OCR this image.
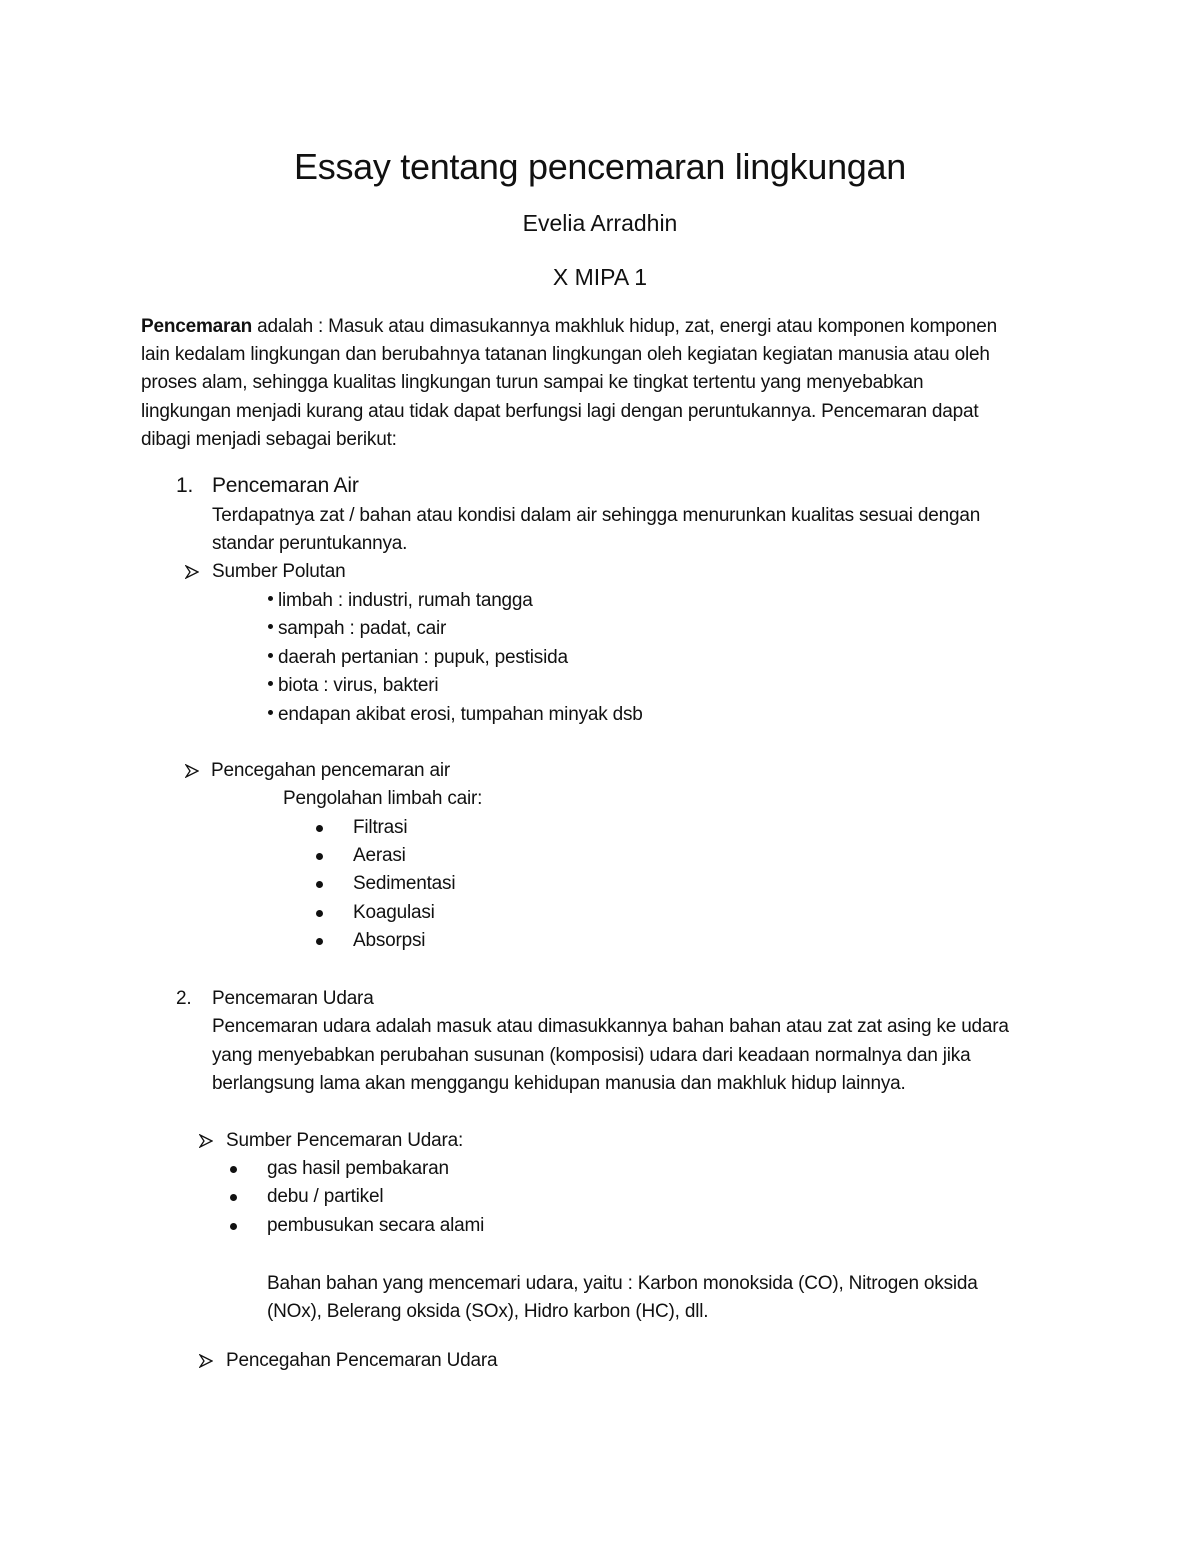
Essay tentang pencemaran lingkungan
Evelia Arradhin
X MIPA 1
Pencemaran adalah : Masuk atau dimasukannya makhluk hidup, zat, energi atau komponen komponen
lain kedalam lingkungan dan berubahnya tatanan lingkungan oleh kegiatan kegiatan manusia atau oleh
proses alam, sehingga kualitas lingkungan turun sampai ke tingkat tertentu yang menyebabkan
lingkungan menjadi kurang atau tidak dapat berfungsi lagi dengan peruntukannya. Pencemaran dapat
dibagi menjadi sebagai berikut:
1. Pencemaran Air
Terdapatnya zat / bahan atau kondisi dalam air sehingga menurunkan kualitas sesuai dengan
standar peruntukannya.
Sumber Polutan
limbah : industri, rumah tangga
sampah : padat, cair
daerah pertanian : pupuk, pestisida
biota : virus, bakteri
endapan akibat erosi, tumpahan minyak dsb
Pencegahan pencemaran air
Pengolahan limbah cair:
Filtrasi
Aerasi
Sedimentasi
Koagulasi
Absorpsi
2. Pencemaran Udara
Pencemaran udara adalah masuk atau dimasukkannya bahan bahan atau zat zat asing ke udara
yang menyebabkan perubahan susunan (komposisi) udara dari keadaan normalnya dan jika
berlangsung lama akan menggangu kehidupan manusia dan makhluk hidup lainnya.
Sumber Pencemaran Udara:
gas hasil pembakaran
debu / partikel
pembusukan secara alami
Bahan bahan yang mencemari udara, yaitu : Karbon monoksida (CO), Nitrogen oksida
(NOx), Belerang oksida (SOx), Hidro karbon (HC), dll.
Pencegahan Pencemaran Udara
